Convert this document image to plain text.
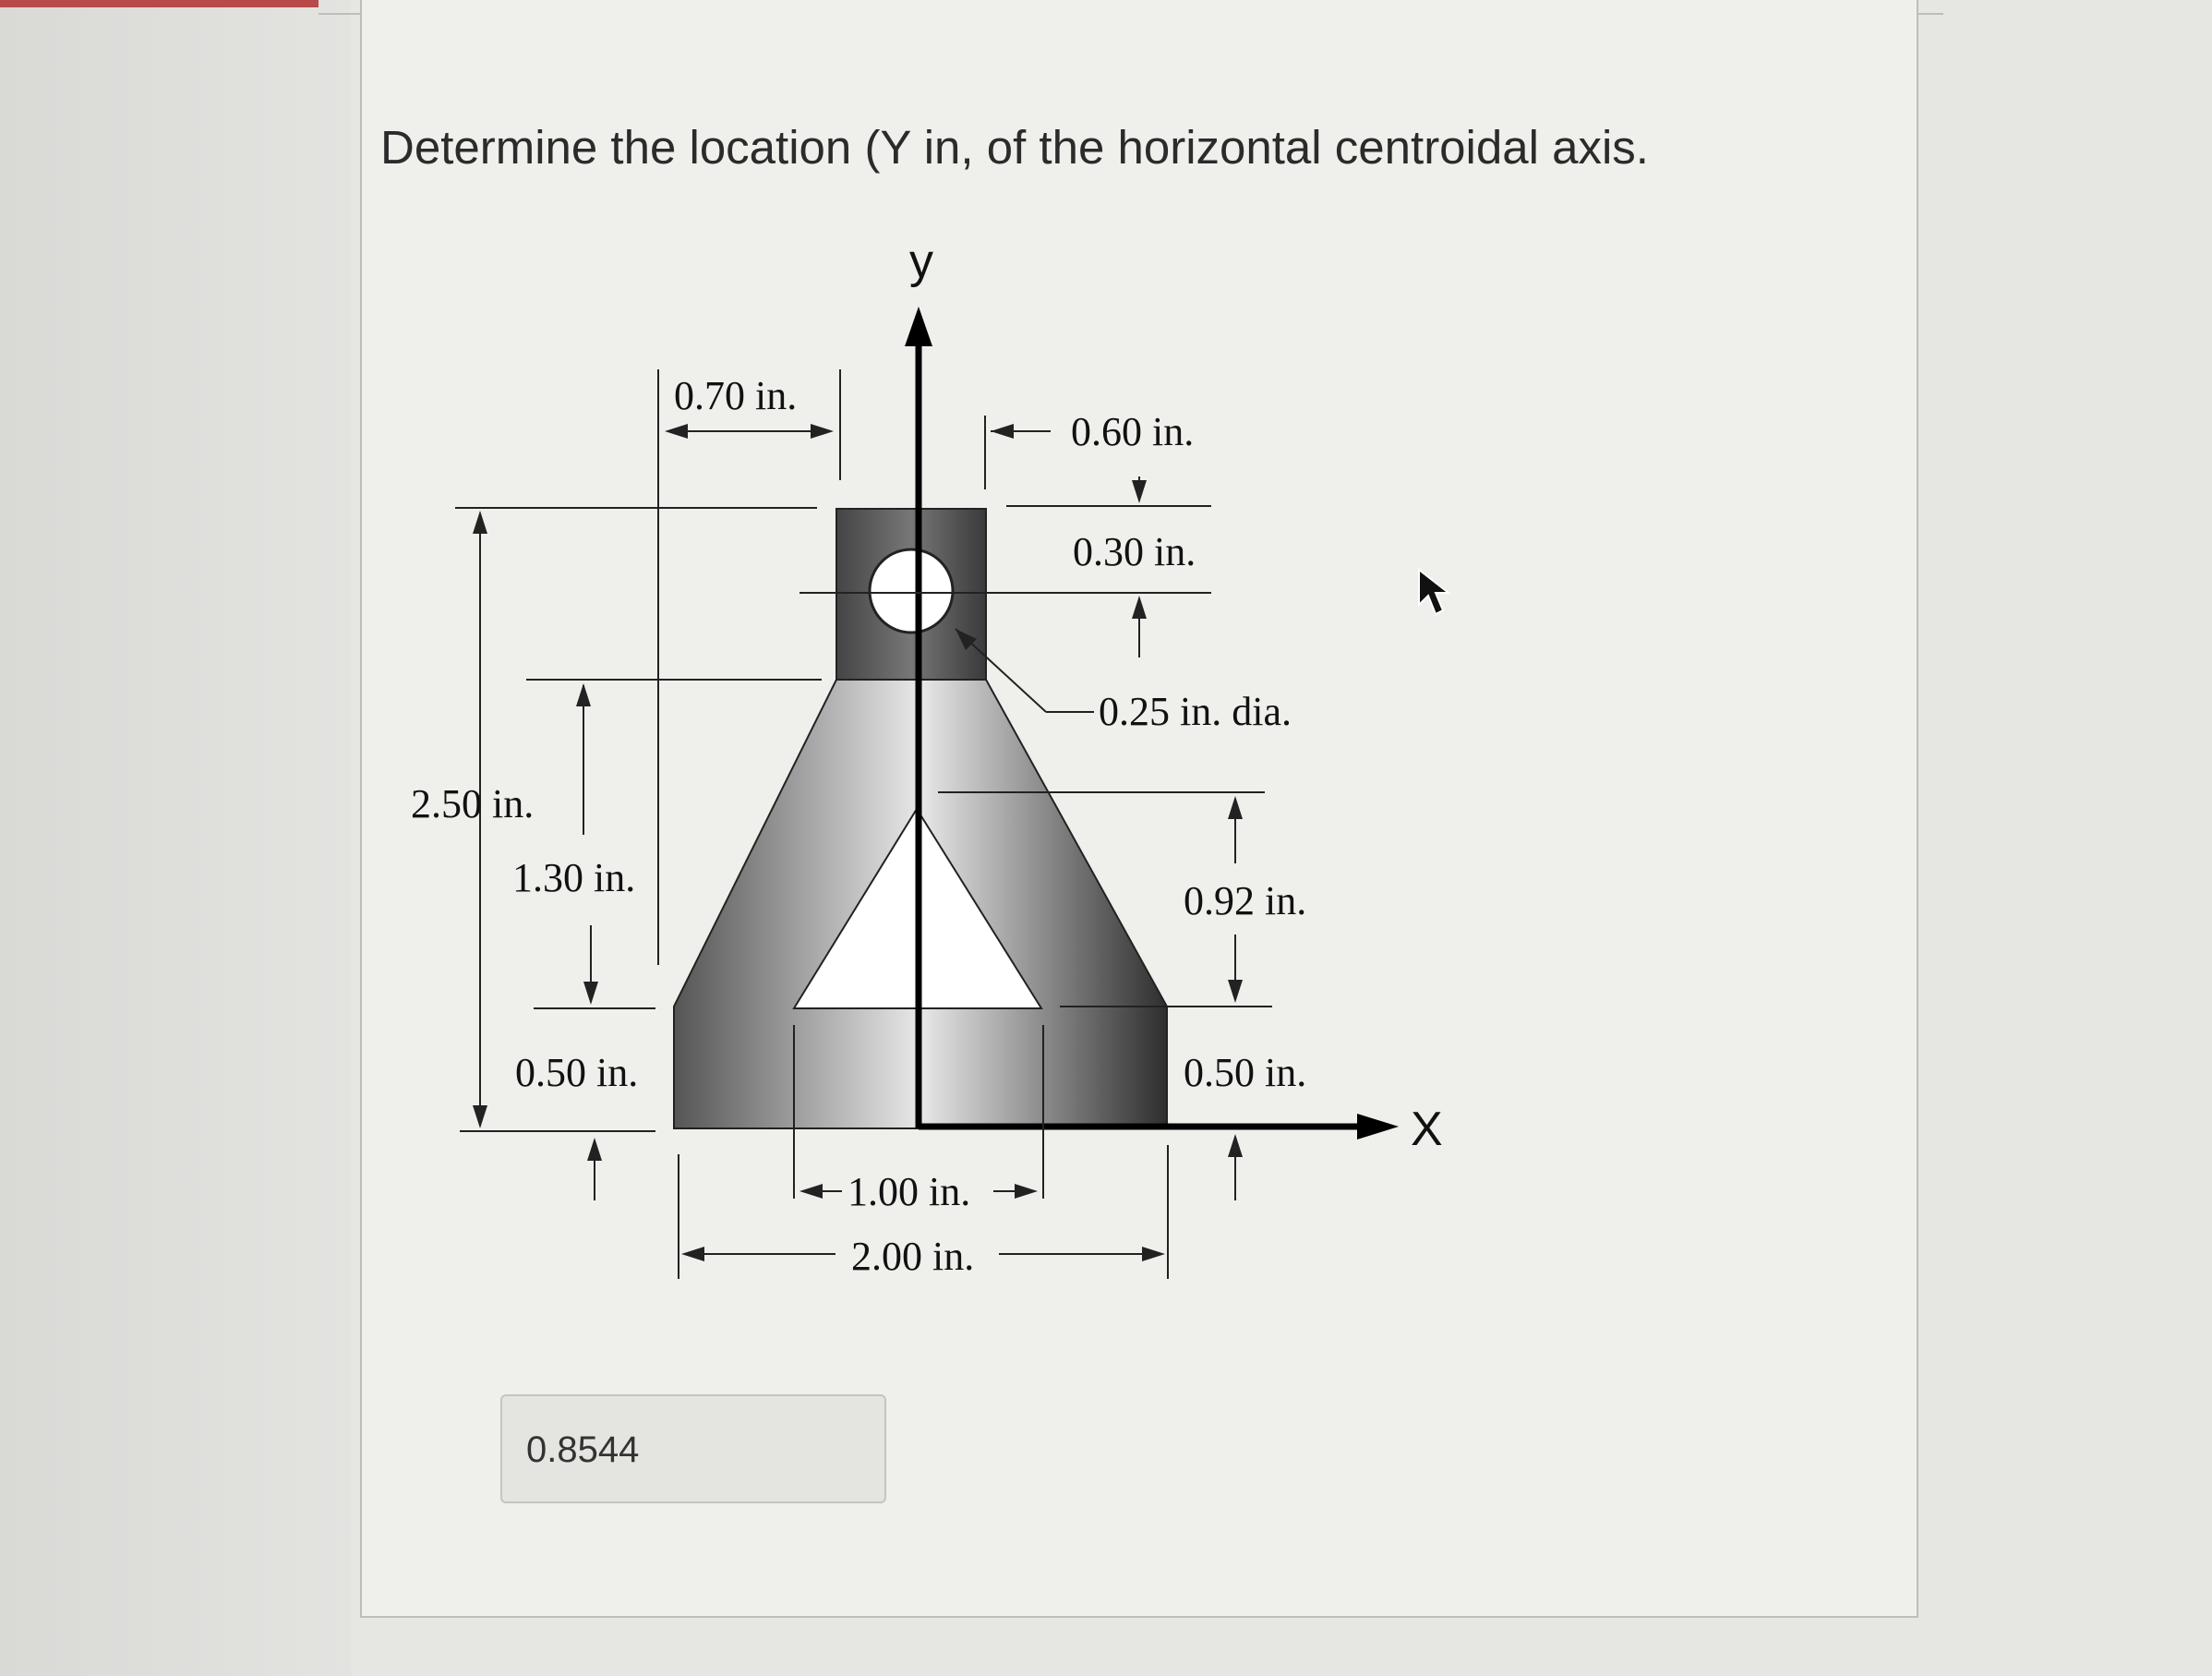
Determine the location (Y in, of the horizontal centroidal axis.
y
X
0.70 in.
0.60 in.
0.30 in.
0.25 in. dia.
2.50 in.
1.30 in.
0.50 in.
0.92 in.
0.50 in.
1.00 in.
2.00 in.
0.8544
